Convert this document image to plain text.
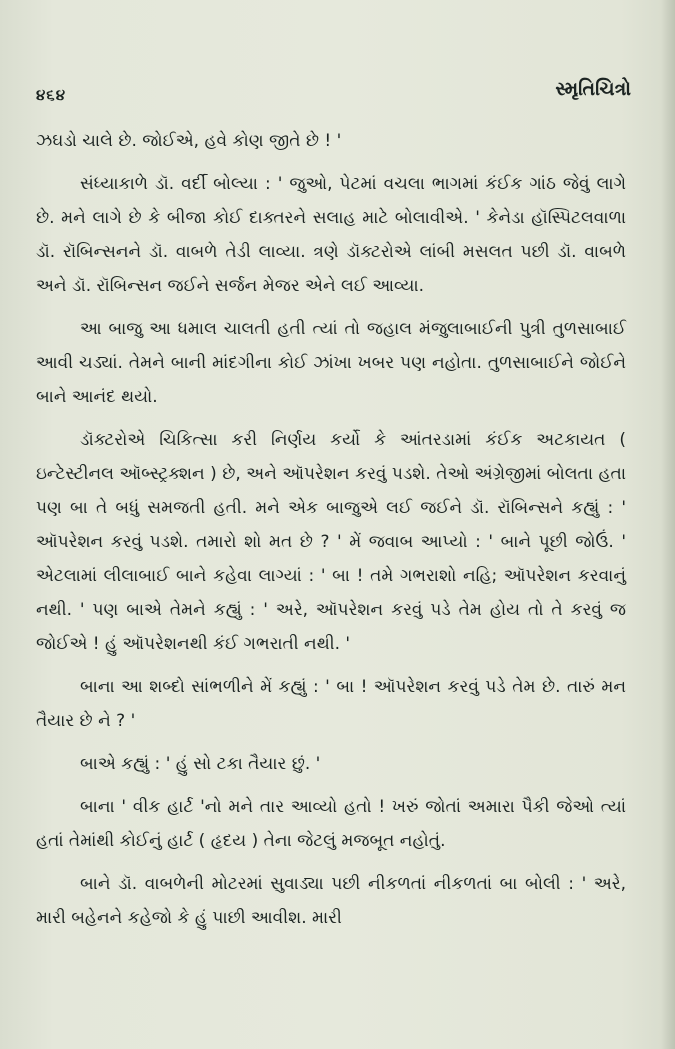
૪૬૪	સ્મૃતિચિત્રો

ઝઘડો ચાલે છે. જોઈએ, હવે કોણ જીતે છે ! '

સંધ્યાકાળે ડૉ. વર્દી બોલ્યા : ' જુઓ, પેટમાં વચલા ભાગમાં કંઈક ગાંઠ જેવું લાગે છે. મને લાગે છે કે બીજા કોઈ દાક્તરને સલાહ માટે બોલાવીએ. ' કેનેડા હૉસ્પિટલવાળા ડૉ. રૉબિન્સનને ડૉ. વાબળે તેડી લાવ્યા. ત્રણે ડૉક્ટરોએ લાંબી મસલત પછી ડૉ. વાબળે અને ડૉ. રૉબિન્સન જઈને સર્જન મેજર એને લઈ આવ્યા.

આ બાજુ આ ધમાલ ચાલતી હતી ત્યાં તો જહાલ મંજુલાબાઈની પુત્રી તુળસાબાઈ આવી ચડ્યાં. તેમને બાની માંદગીના કોઈ ઝાંખા ખબર પણ નહોતા. તુળસાબાઈને જોઈને બાને આનંદ થયો.

ડૉક્ટરોએ ચિકિત્સા કરી નિર્ણય કર્યો કે આંતરડામાં કંઈક અટકાયત ( ઇન્ટેસ્ટીનલ ઑબ્સ્ટ્રક્શન ) છે, અને ઑપરેશન કરવું પડશે. તેઓ અંગ્રેજીમાં બોલતા હતા પણ બા તે બધું સમજતી હતી. મને એક બાજુએ લઈ જઈને ડૉ. રૉબિન્સને કહ્યું : ' ઑપરેશન કરવું પડશે. તમારો શો મત છે ? ' મેં જવાબ આપ્યો : ' બાને પૂછી જોઉં. ' એટલામાં લીલાબાઈ બાને કહેવા લાગ્યાં : ' બા ! તમે ગભરાશો નહિ; ઑપરેશન કરવાનું નથી. ' પણ બાએ તેમને કહ્યું : ' અરે, ઑપરેશન કરવું પડે તેમ હોય તો તે કરવું જ જોઈએ ! હું ઑપરેશનથી કંઈ ગભરાતી નથી. '

બાના આ શબ્દો સાંભળીને મેં કહ્યું : ' બા ! ઑપરેશન કરવું પડે તેમ છે. તારું મન તૈયાર છે ને ? '

બાએ કહ્યું : ' હું સો ટકા તૈયાર છું. '

બાના ' વીક હાર્ટ 'નો મને તાર આવ્યો હતો ! ખરું જોતાં અમારા પૈકી જેઓ ત્યાં હતાં તેમાંથી કોઈનું હાર્ટ ( હૃદય ) તેના જેટલું મજબૂત નહોતું.

બાને ડૉ. વાબળેની મોટરમાં સુવાડ્યા પછી નીકળતાં નીકળતાં બા બોલી : ' અરે, મારી બહેનને કહેજો કે હું પાછી આવીશ. મારી
